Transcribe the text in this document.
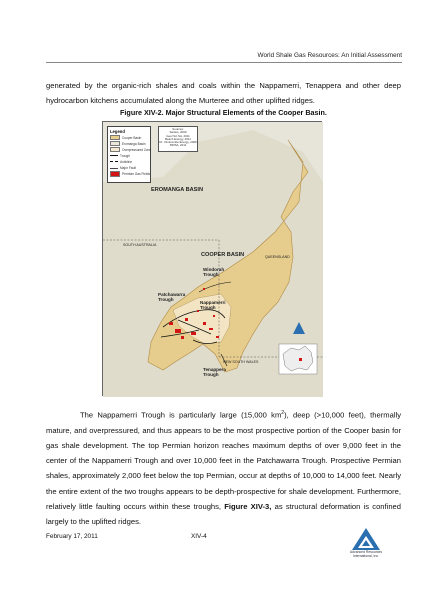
World Shale Gas Resources: An Initial Assessment
generated by the organic-rich shales and coals within the Nappamerri, Tenappera and other deep hydrocarbon kitchens accumulated along the Murteree and other uplifted ridges.
Figure XIV-2. Major Structural Elements of the Cooper Basin.
Legend
Cooper Basin
Eromanga Basin
Overpressured Zone
Trough
Anticline
Major Fault
Permian Gas Fields
Sources:
Santos, 2009
Geol Sci SA, 2011
Beach Energy, 2011
Dr. Vinnicombe Energy, 2009
PIRSA, 2011
EROMANGA BASIN
COOPER BASIN
SOUTH AUSTRALIA
QUEENSLAND
NEW SOUTH WALES
Windorah Trough
Patchawarra Trough
Nappamerri Trough
Tenappera Trough

The Nappamerri Trough is particularly large (15,000 $km^2$), deep (>10,000 feet), thermally mature, and overpressured, and thus appears to be the most prospective portion of the Cooper basin for gas shale development. The top Permian horizon reaches maximum depths of over 9,000 feet in the center of the Nappamerri Trough and over 10,000 feet in the Patchawarra Trough. Prospective Permian shales, approximately 2,000 feet below the top Permian, occur at depths of 10,000 to 14,000 feet. Nearly the entire extent of the two troughs appears to be depth-prospective for shale development. Furthermore, relatively little faulting occurs within these troughs, Figure XIV-3, as structural deformation is confined largely to the uplifted ridges.

February 17, 2011	XIV-4
Advanced Resources International, Inc.
